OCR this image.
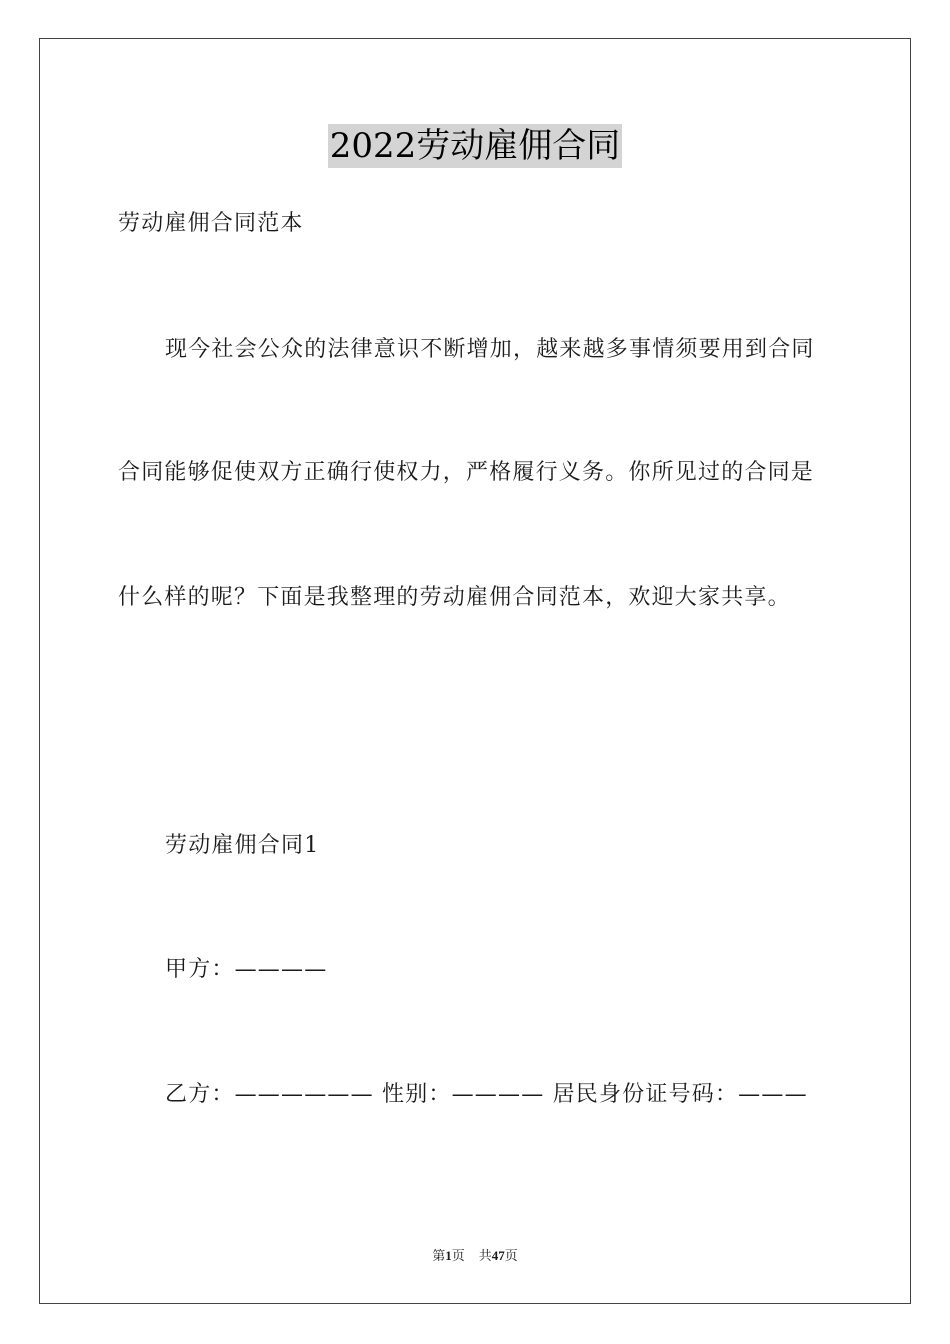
2022劳动雇佣合同
劳动雇佣合同范本
现今社会公众的法律意识不断增加，越来越多事情须要用到合同
合同能够促使双方正确行使权力，严格履行义务。你所见过的合同是
什么样的呢？下面是我整理的劳动雇佣合同范本，欢迎大家共享。
劳动雇佣合同1
甲方：————
乙方：—————— 性别：———— 居民身份证号码：———
第1页 共47页
